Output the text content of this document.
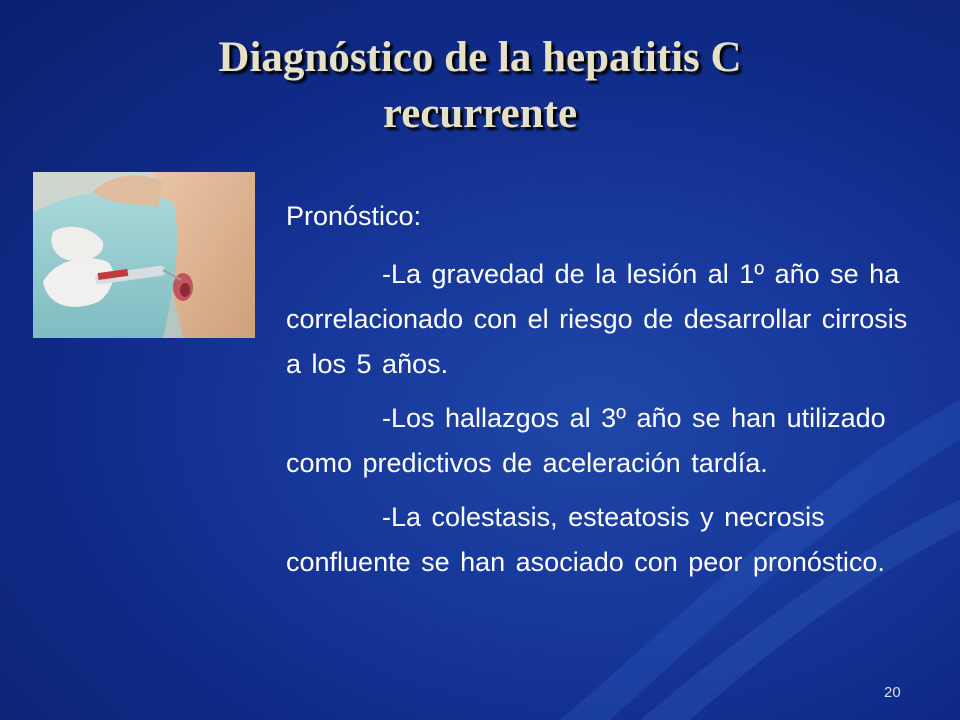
Diagnóstico de la hepatitis C
recurrente

Pronóstico:

-La gravedad de la lesión al 1º año se ha correlacionado con el riesgo de desarrollar cirrosis a los 5 años.

-Los hallazgos al 3º año se han utilizado como predictivos de aceleración tardía.

-La colestasis, esteatosis y necrosis confluente se han asociado con peor pronóstico.

20
